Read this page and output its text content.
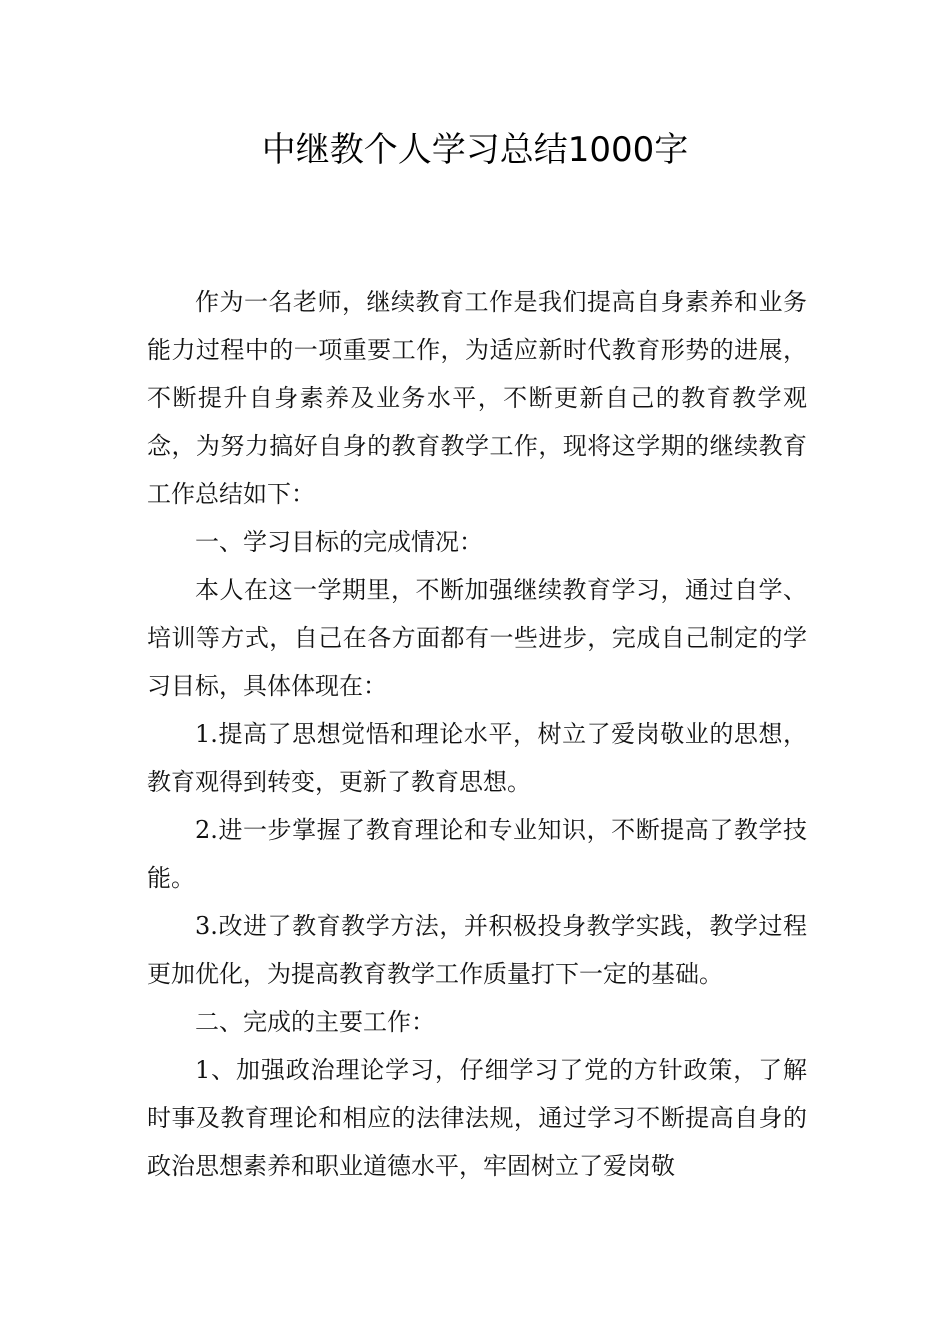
中继教个人学习总结1000字

作为一名老师，继续教育工作是我们提高自身素养和业务能力过程中的一项重要工作，为适应新时代教育形势的进展，不断提升自身素养及业务水平，不断更新自己的教育教学观念，为努力搞好自身的教育教学工作，现将这学期的继续教育工作总结如下：

一、学习目标的完成情况：

本人在这一学期里，不断加强继续教育学习，通过自学、培训等方式，自己在各方面都有一些进步，完成自己制定的学习目标，具体体现在：

1.提高了思想觉悟和理论水平，树立了爱岗敬业的思想，教育观得到转变，更新了教育思想。

2.进一步掌握了教育理论和专业知识，不断提高了教学技能。

3.改进了教育教学方法，并积极投身教学实践，教学过程更加优化，为提高教育教学工作质量打下一定的基础。

二、完成的主要工作：

1、加强政治理论学习，仔细学习了党的方针政策，了解时事及教育理论和相应的法律法规，通过学习不断提高自身的政治思想素养和职业道德水平，牢固树立了爱岗敬
